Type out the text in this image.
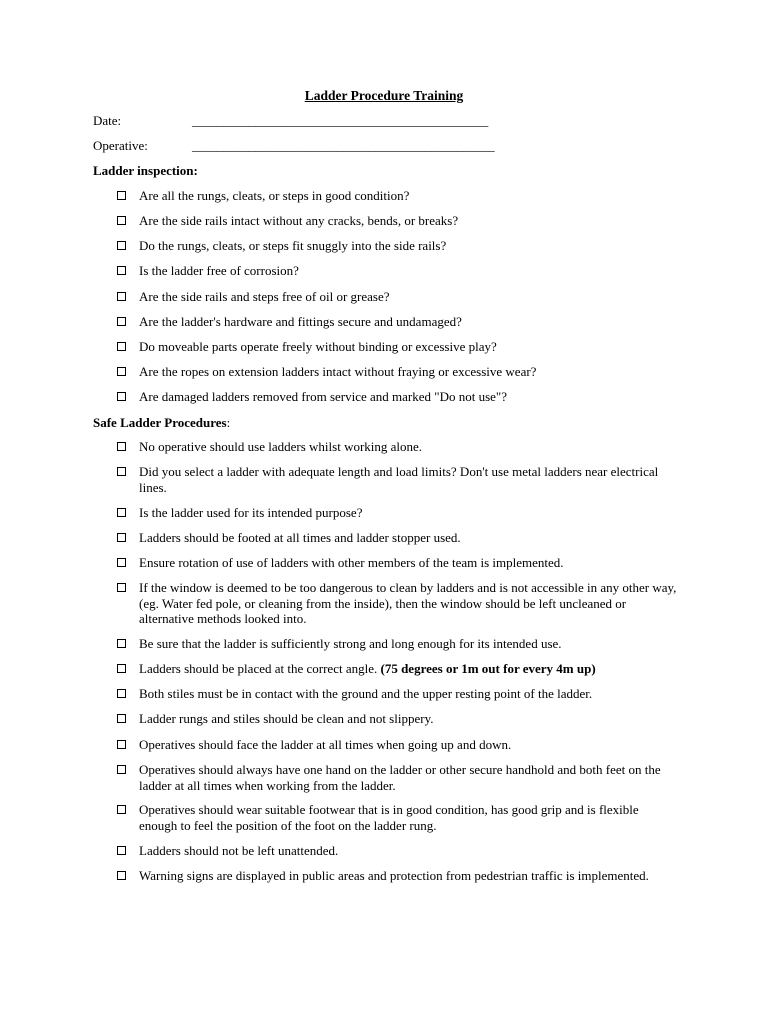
Ladder Procedure Training
Date:	_______________________________________________
Operative:	________________________________________________
Ladder inspection:
Are all the rungs, cleats, or steps in good condition?
Are the side rails intact without any cracks, bends, or breaks?
Do the rungs, cleats, or steps fit snuggly into the side rails?
Is the ladder free of corrosion?
Are the side rails and steps free of oil or grease?
Are the ladder's hardware and fittings secure and undamaged?
Do moveable parts operate freely without binding or excessive play?
Are the ropes on extension ladders intact without fraying or excessive wear?
Are damaged ladders removed from service and marked "Do not use"?
Safe Ladder Procedures:
No operative should use ladders whilst working alone.
Did you select a ladder with adequate length and load limits? Don't use metal ladders near electrical lines.
Is the ladder used for its intended purpose?
Ladders should be footed at all times and ladder stopper used.
Ensure rotation of use of ladders with other members of the team is implemented.
If the window is deemed to be too dangerous to clean by ladders and is not accessible in any other way, (eg. Water fed pole, or cleaning from the inside), then the window should be left uncleaned or alternative methods looked into.
Be sure that the ladder is sufficiently strong and long enough for its intended use.
Ladders should be placed at the correct angle. (75 degrees or 1m out for every 4m up)
Both stiles must be in contact with the ground and the upper resting point of the ladder.
Ladder rungs and stiles should be clean and not slippery.
Operatives should face the ladder at all times when going up and down.
Operatives should always have one hand on the ladder or other secure handhold and both feet on the ladder at all times when working from the ladder.
Operatives should wear suitable footwear that is in good condition, has good grip and is flexible enough to feel the position of the foot on the ladder rung.
Ladders should not be left unattended.
Warning signs are displayed in public areas and protection from pedestrian traffic is implemented.
